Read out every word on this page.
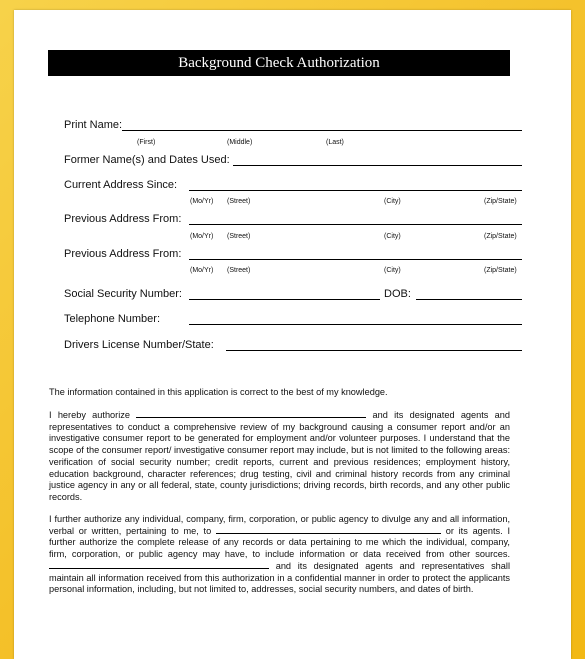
Background Check Authorization
Print Name:
(First)	(Middle)	(Last)
Former Name(s) and Dates Used:
Current Address Since:
(Mo/Yr) (Street)	(City)	(Zip/State)
Previous Address From:
(Mo/Yr) (Street)	(City)	(Zip/State)
Previous Address From:
(Mo/Yr) (Street)	(City)	(Zip/State)
Social Security Number:	DOB:
Telephone Number:
Drivers License Number/State:
The information contained in this application is correct to the best of my knowledge.
I hereby authorize	and its designated agents and representatives to conduct a comprehensive review of my background causing a consumer report and/or an investigative consumer report to be generated for employment and/or volunteer purposes. I understand that the scope of the consumer report/ investigative consumer report may include, but is not limited to the following areas: verification of social security number; credit reports, current and previous residences; employment history, education background, character references; drug testing, civil and criminal history records from any criminal justice agency in any or all federal, state, county jurisdictions; driving records, birth records, and any other public records.
I further authorize any individual, company, firm, corporation, or public agency to divulge any and all information, verbal or written, pertaining to me, to	or its agents. I further authorize the complete release of any records or data pertaining to me which the individual, company, firm, corporation, or public agency may have, to include information or data received from other sources.  and its designated agents and representatives shall maintain all information received from this authorization in a confidential manner in order to protect the applicants personal information, including, but not limited to, addresses, social security numbers, and dates of birth.
